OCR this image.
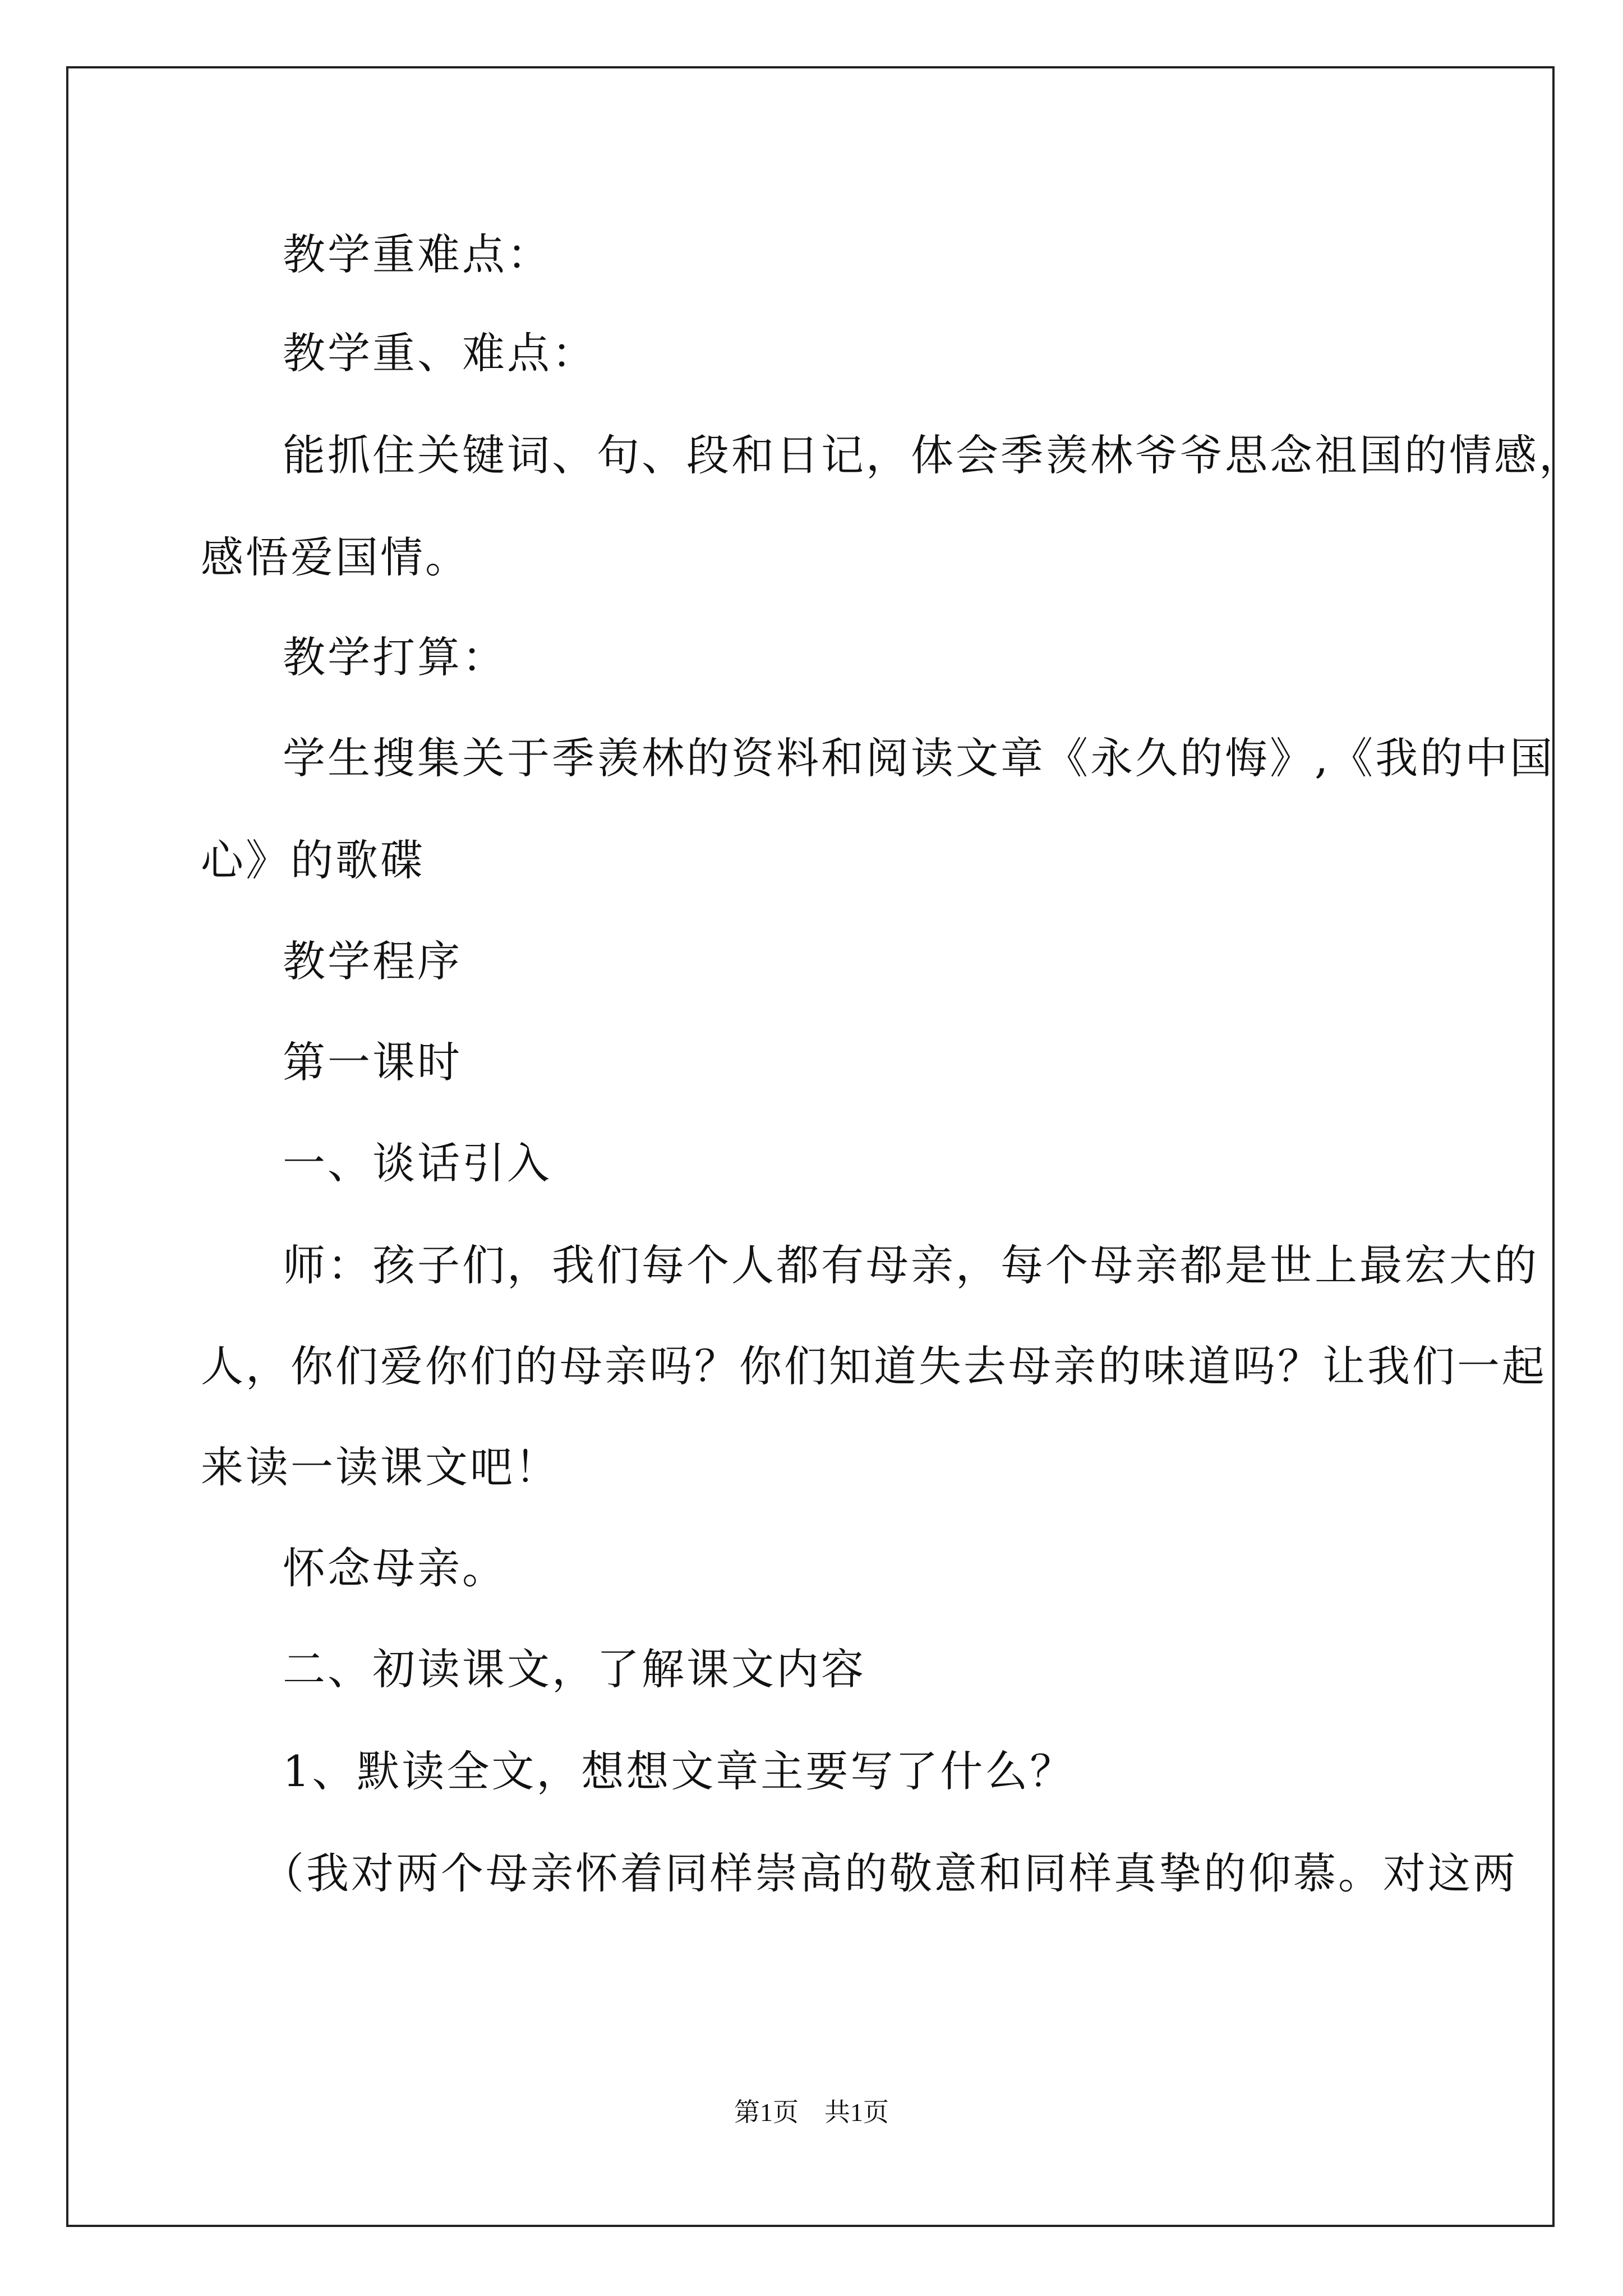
教学重难点：

教学重、难点：

能抓住关键词、句、段和日记，体会季羡林爷爷思念祖国的情感，

感悟爱国情。

教学打算：

学生搜集关于季羡林的资料和阅读文章《永久的悔》,《我的中国

心》的歌碟

教学程序

第一课时

一、谈话引入

师：孩子们，我们每个人都有母亲，每个母亲都是世上最宏大的

人，你们爱你们的母亲吗？你们知道失去母亲的味道吗？让我们一起

来读一读课文吧！

怀念母亲。

二、初读课文，了解课文内容

1、默读全文，想想文章主要写了什么？

（我对两个母亲怀着同样崇高的敬意和同样真挚的仰慕。对这两

第1页　共1页
